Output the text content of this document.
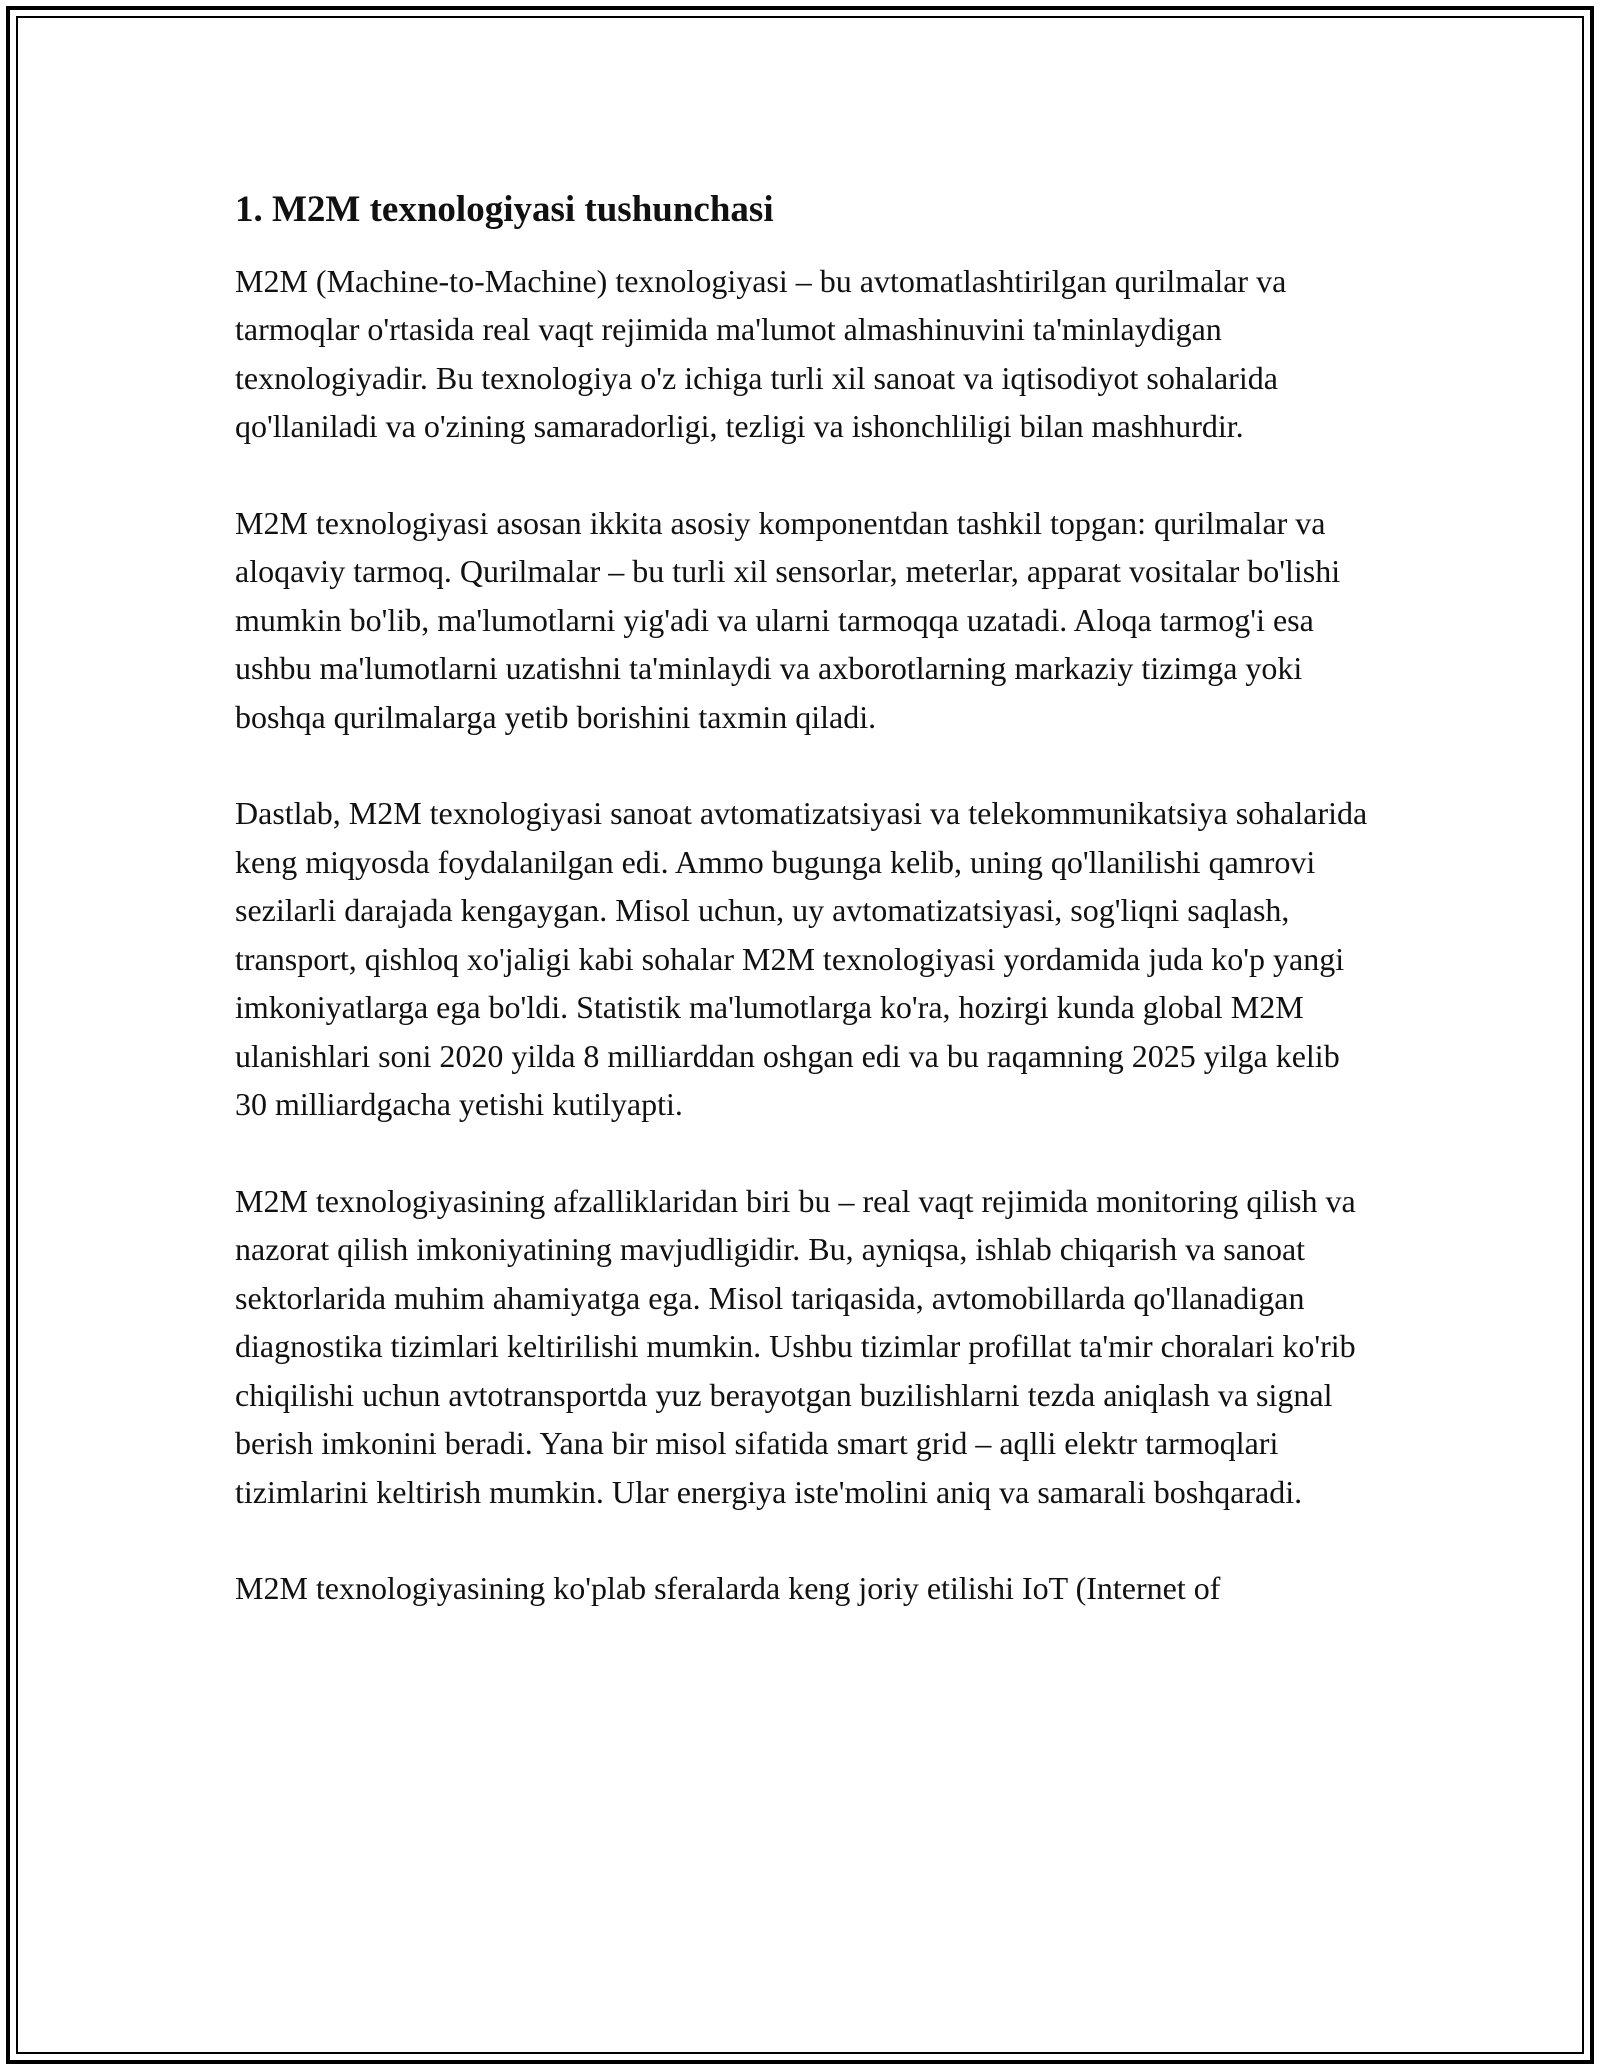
1. M2M texnologiyasi tushunchasi

M2M (Machine-to-Machine) texnologiyasi – bu avtomatlashtirilgan qurilmalar va tarmoqlar o'rtasida real vaqt rejimida ma'lumot almashinuvini ta'minlaydigan texnologiyadir. Bu texnologiya o'z ichiga turli xil sanoat va iqtisodiyot sohalarida qo'llaniladi va o'zining samaradorligi, tezligi va ishonchliligi bilan mashhurdir.

M2M texnologiyasi asosan ikkita asosiy komponentdan tashkil topgan: qurilmalar va aloqaviy tarmoq. Qurilmalar – bu turli xil sensorlar, meterlar, apparat vositalar bo'lishi mumkin bo'lib, ma'lumotlarni yig'adi va ularni tarmoqqa uzatadi. Aloqa tarmog'i esa ushbu ma'lumotlarni uzatishni ta'minlaydi va axborotlarning markaziy tizimga yoki boshqa qurilmalarga yetib borishini taxmin qiladi.

Dastlab, M2M texnologiyasi sanoat avtomatizatsiyasi va telekommunikatsiya sohalarida keng miqyosda foydalanilgan edi. Ammo bugunga kelib, uning qo'llanilishi qamrovi sezilarli darajada kengaygan. Misol uchun, uy avtomatizatsiyasi, sog'liqni saqlash, transport, qishloq xo'jaligi kabi sohalar M2M texnologiyasi yordamida juda ko'p yangi imkoniyatlarga ega bo'ldi. Statistik ma'lumotlarga ko'ra, hozirgi kunda global M2M ulanishlari soni 2020 yilda 8 milliarddan oshgan edi va bu raqamning 2025 yilga kelib 30 milliardgacha yetishi kutilyapti.

M2M texnologiyasining afzalliklaridan biri bu – real vaqt rejimida monitoring qilish va nazorat qilish imkoniyatining mavjudligidir. Bu, ayniqsa, ishlab chiqarish va sanoat sektorlarida muhim ahamiyatga ega. Misol tariqasida, avtomobillarda qo'llanadigan diagnostika tizimlari keltirilishi mumkin. Ushbu tizimlar profillat ta'mir choralari ko'rib chiqilishi uchun avtotransportda yuz berayotgan buzilishlarni tezda aniqlash va signal berish imkonini beradi. Yana bir misol sifatida smart grid – aqlli elektr tarmoqlari tizimlarini keltirish mumkin. Ular energiya iste'molini aniq va samarali boshqaradi.

M2M texnologiyasining ko'plab sferalarda keng joriy etilishi IoT (Internet of
